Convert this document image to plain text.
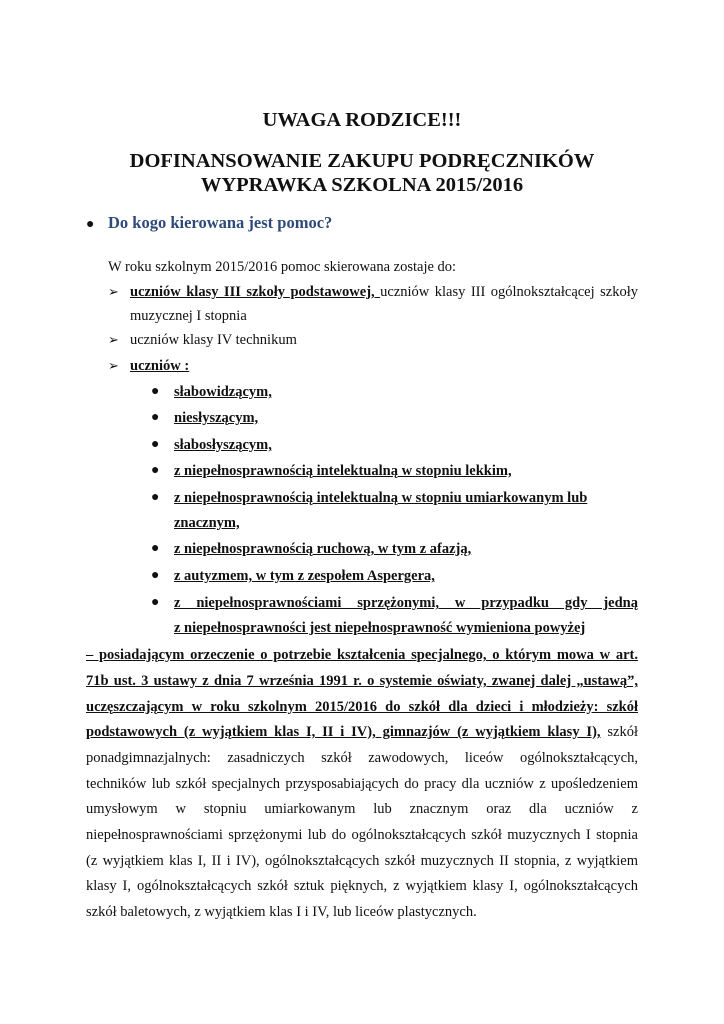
UWAGA RODZICE!!!
DOFINANSOWANIE ZAKUPU PODRĘCZNIKÓW
WYPRAWKA SZKOLNA 2015/2016
● Do kogo kierowana jest pomoc?
W roku szkolnym 2015/2016 pomoc skierowana zostaje do:
➢ uczniów klasy III szkoły podstawowej, uczniów klasy III ogólnokształcącej szkoły
muzycznej I stopnia
➢ uczniów klasy IV technikum
➢ uczniów :
● słabowidzącym,
● niesłyszącym,
● słabosłyszącym,
● z niepełnosprawnością intelektualną w stopniu lekkim,
● z niepełnosprawnością intelektualną w stopniu umiarkowanym lub
znacznym,
● z niepełnosprawnością ruchową, w tym z afazją,
● z autyzmem, w tym z zespołem Aspergera,
● z niepełnosprawnościami sprzężonymi, w przypadku gdy jedną
z niepełnosprawności jest niepełnosprawność wymieniona powyżej
– posiadającym orzeczenie o potrzebie kształcenia specjalnego, o którym mowa w art.
71b ust. 3 ustawy z dnia 7 września 1991 r. o systemie oświaty, zwanej dalej „ustawą”,
uczęszczającym w roku szkolnym 2015/2016 do szkół dla dzieci i młodzieży: szkół
podstawowych (z wyjątkiem klas I, II i IV), gimnazjów (z wyjątkiem klasy I), szkół
ponadgimnazjalnych: zasadniczych szkół zawodowych, liceów ogólnokształcących,
techników lub szkół specjalnych przysposabiających do pracy dla uczniów z upośledzeniem
umysłowym w stopniu umiarkowanym lub znacznym oraz dla uczniów z
niepełnosprawnościami sprzężonymi lub do ogólnokształcących szkół muzycznych I stopnia
(z wyjątkiem klas I, II i IV), ogólnokształcących szkół muzycznych II stopnia, z wyjątkiem
klasy I, ogólnokształcących szkół sztuk pięknych, z wyjątkiem klasy I, ogólnokształcących
szkół baletowych, z wyjątkiem klas I i IV, lub liceów plastycznych.
